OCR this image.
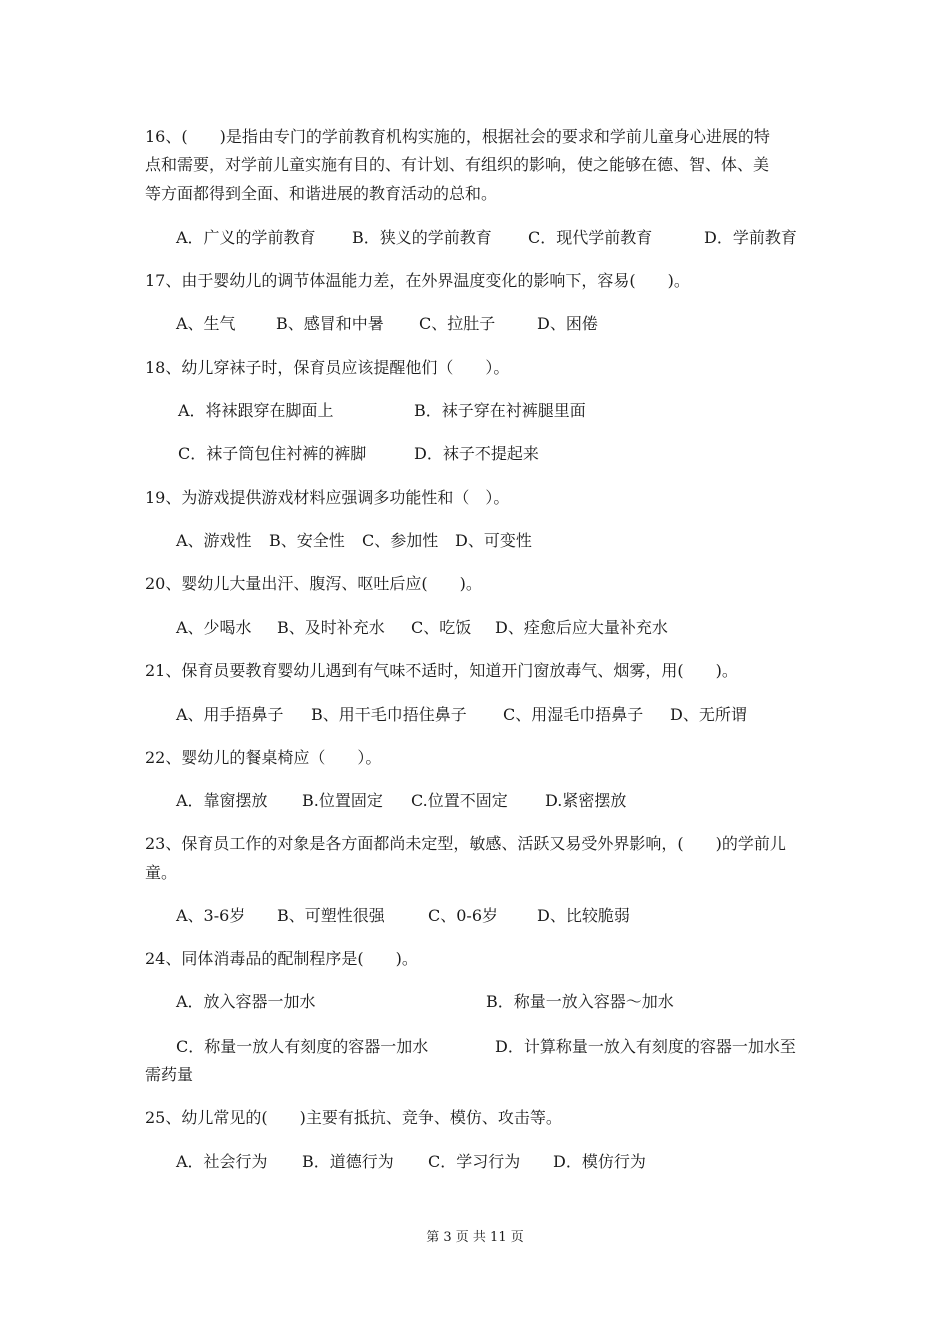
16、(　　)是指由专门的学前教育机构实施的，根据社会的要求和学前儿童身心进展的特
点和需要，对学前儿童实施有目的、有计划、有组织的影响，使之能够在德、智、体、美
等方面都得到全面、和谐进展的教育活动的总和。
A．广义的学前教育 B．狭义的学前教育 C．现代学前教育	D．学前教育
17、由于婴幼儿的调节体温能力差，在外界温度变化的影响下，容易(　　)。
A、生气	B、感冒和中暑 C、拉肚子	D、困倦
18、幼儿穿袜子时，保育员应该提醒他们（　　）。
A．将袜跟穿在脚面上	B．袜子穿在衬裤腿里面
C．袜子筒包住衬裤的裤脚	D．袜子不提起来
19、为游戏提供游戏材料应强调多功能性和（　）。
A、游戏性 B、安全性 C、参加性 D、可变性
20、婴幼儿大量出汗、腹泻、呕吐后应(　　)。
A、少喝水 B、及时补充水 C、吃饭 D、痊愈后应大量补充水
21、保育员要教育婴幼儿遇到有气味不适时，知道开门窗放毒气、烟雾，用(　　)。
A、用手捂鼻子 B、用干毛巾捂住鼻子 C、用湿毛巾捂鼻子 D、无所谓
22、婴幼儿的餐桌椅应（　　）。
A．靠窗摆放 B.位置固定 C.位置不固定 D.紧密摆放
23、保育员工作的对象是各方面都尚未定型，敏感、活跃又易受外界影响，(　　)的学前儿
童。
A、3-6岁 B、可塑性很强	C、0-6岁 D、比较脆弱
24、同体消毒品的配制程序是(　　)。
A．放入容器一加水	B．称量一放入容器～加水
C．称量一放人有刻度的容器一加水	D．计算称量一放入有刻度的容器一加水至
需药量
25、幼儿常见的(　　)主要有抵抗、竞争、模仿、攻击等。
A．社会行为 B．道德行为 C．学习行为 D．模仿行为
第 3 页 共 11 页
